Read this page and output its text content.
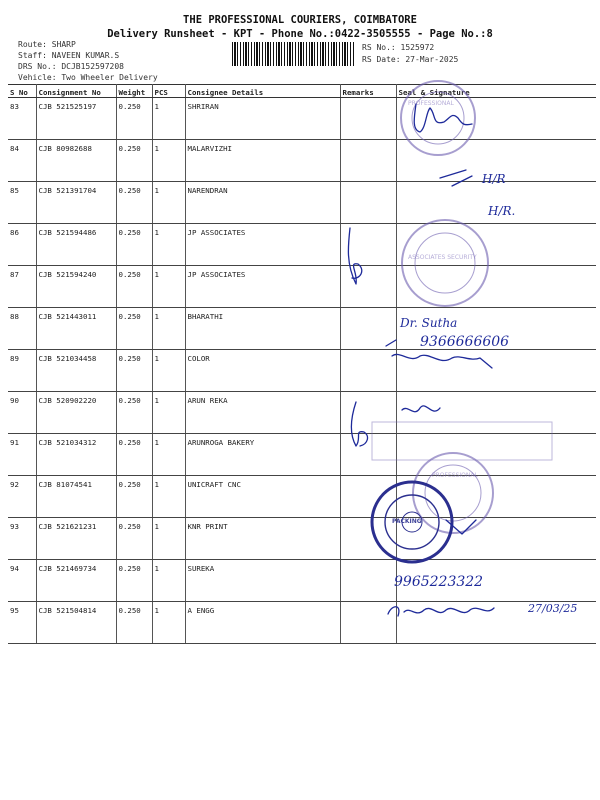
THE PROFESSIONAL COURIERS, COIMBATORE
Delivery Runsheet - KPT - Phone No.:0422-3505555 - Page No.:8
Route: SHARP
Staff: NAVEEN KUMAR.S
DRS No.: DCJB152597208
Vehicle: Two Wheeler Delivery
RS No.: 1525972
RS Date: 27-Mar-2025
S No	Consignment No	Weight	PCS	Consignee Details	Remarks	Seal & Signature
83	CJB 521525197	0.250	1	SHRIRAN		
84	CJB 80982688	0.250	1	MALARVIZHI		
85	CJB 521391704	0.250	1	NARENDRAN		
86	CJB 521594486	0.250	1	JP ASSOCIATES		
87	CJB 521594240	0.250	1	JP ASSOCIATES		
88	CJB 521443011	0.250	1	BHARATHI		
89	CJB 521034458	0.250	1	COLOR		
90	CJB 520902220	0.250	1	ARUN REKA		
91	CJB 521034312	0.250	1	ARUNROGA BAKERY		
92	CJB 81074541	0.250	1	UNICRAFT CNC		
93	CJB 521621231	0.250	1	KNR PRINT		
94	CJB 521469734	0.250	1	SUREKA		
95	CJB 521504814	0.250	1	A ENGG		
PROFESSIONAL
ASSOCIATES SECURITY
PACKING
PROFESSIONAL
H/R
H/R.
Dr. Sutha
9366666606
9965223322
27/03/25
